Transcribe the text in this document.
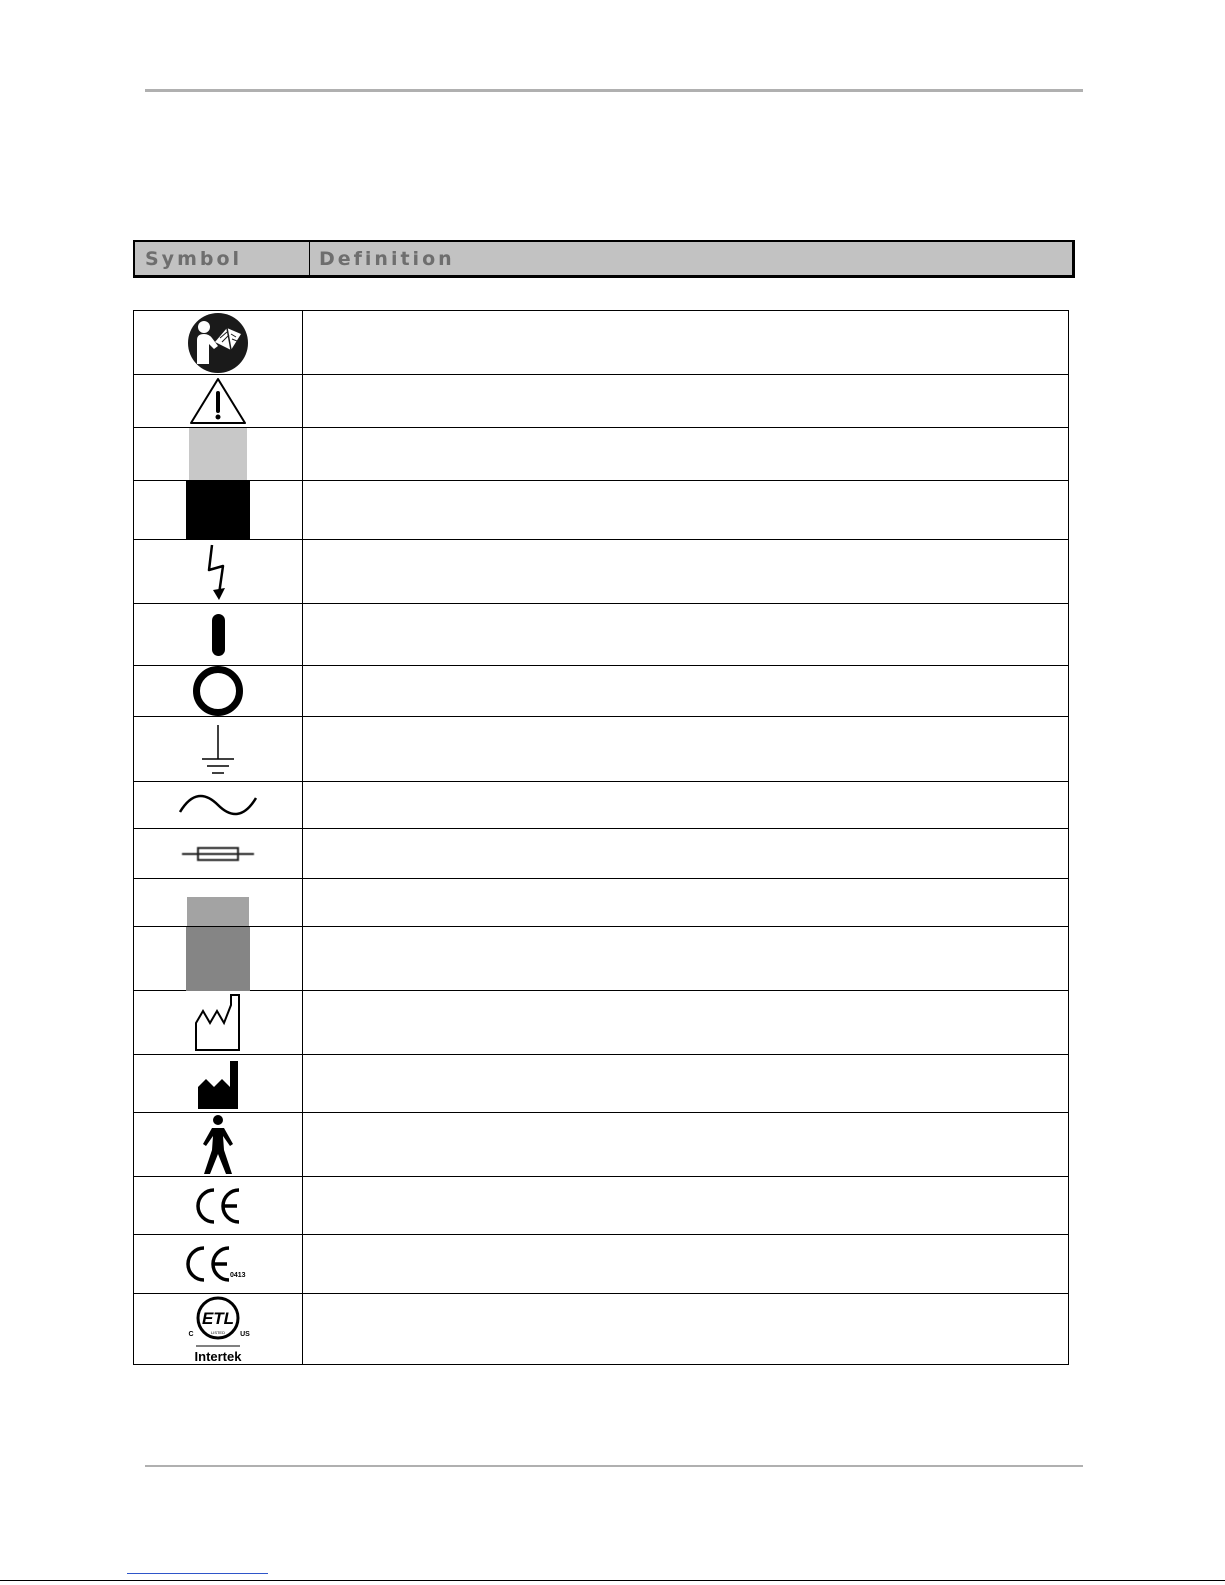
Symbol	Definition
0413
ETL
LISTED
C	US
Intertek
